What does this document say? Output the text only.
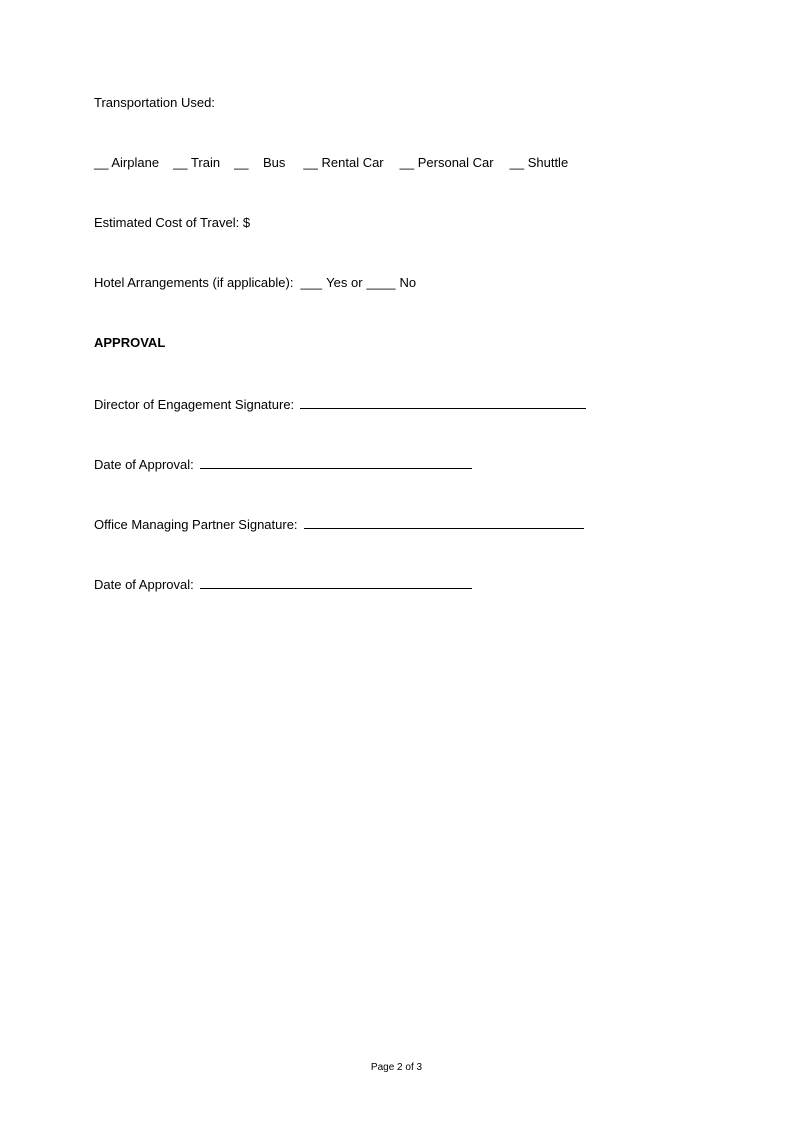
Transportation Used:
__ Airplane __ Train __ Bus __ Rental Car __ Personal Car __ Shuttle
Estimated Cost of Travel: $
Hotel Arrangements (if applicable): ___ Yes or ____ No
APPROVAL
Director of Engagement Signature:
Date of Approval:
Office Managing Partner Signature:
Date of Approval:
Page 2 of 3
